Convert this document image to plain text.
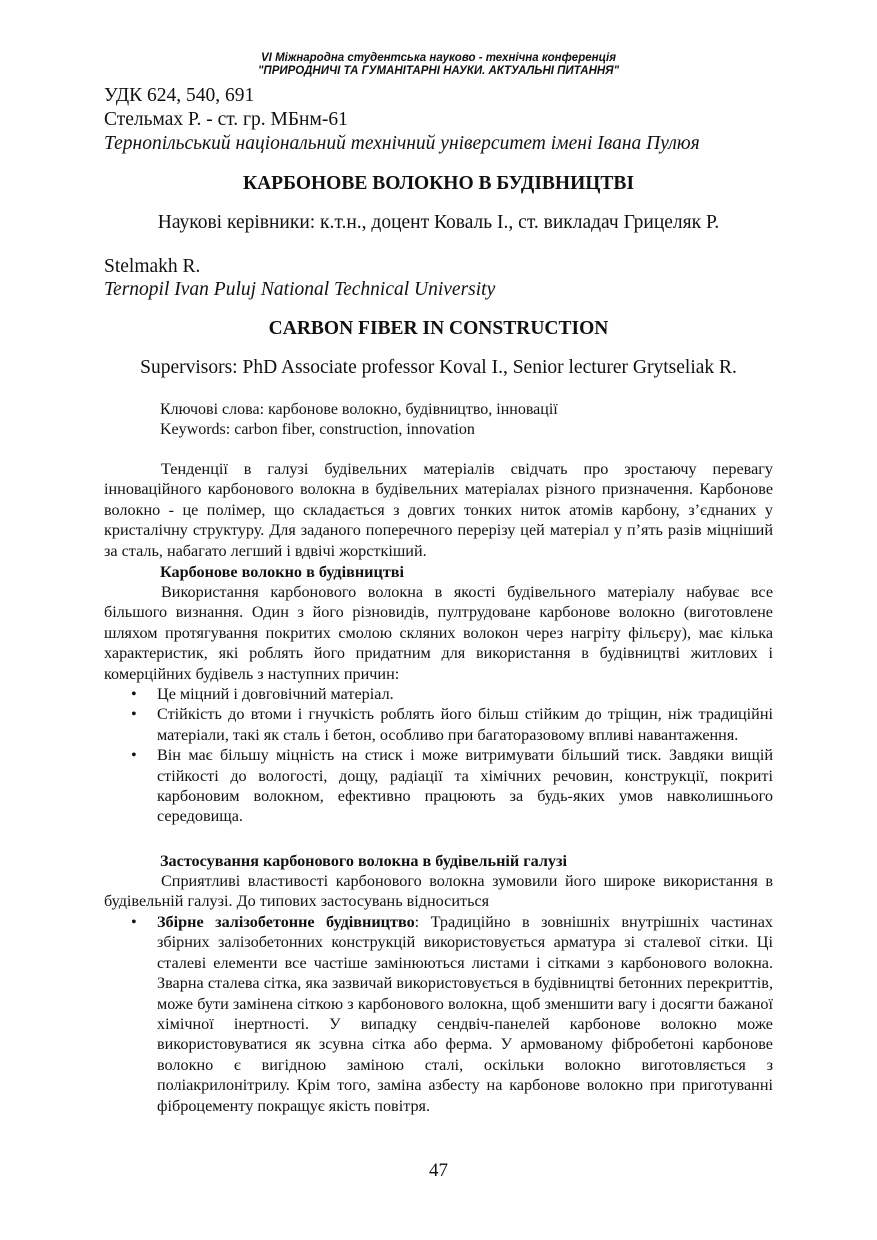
VI Міжнародна студентська науково - технічна конференція
"ПРИРОДНИЧІ ТА ГУМАНІТАРНІ НАУКИ. АКТУАЛЬНІ ПИТАННЯ"
УДК 624, 540, 691
Стельмах Р. - ст. гр. МБнм-61
Тернопільський національний технічний університет імені Івана Пулюя
КАРБОНОВЕ ВОЛОКНО В БУДІВНИЦТВІ
Наукові керівники: к.т.н., доцент Коваль І., ст. викладач Грицеляк Р.
Stelmakh R.
Ternopil Ivan Puluj National Technical University
CARBON FIBER IN CONSTRUCTION
Supervisors: PhD Associate professor Koval I., Senior lecturer Grytseliak R.
Ключові слова: карбонове волокно, будівництво, інновації
Keywords: carbon fiber, construction, innovation

Тенденції в галузі будівельних матеріалів свідчать про зростаючу перевагу інноваційного карбонового волокна в будівельних матеріалах різного призначення. Карбонове волокно - це полімер, що складається з довгих тонких ниток атомів карбону, з’єднаних у кристалічну структуру. Для заданого поперечного перерізу цей матеріал у п’ять разів міцніший за сталь, набагато легший і вдвічі жорсткіший.

Карбонове волокно в будівництві

Використання карбонового волокна в якості будівельного матеріалу набуває все більшого визнання. Один з його різновидів, пултрудоване карбонове волокно (виготовлене шляхом протягування покритих смолою скляних волокон через нагріту фільєру), має кілька характеристик, які роблять його придатним для використання в будівництві житлових і комерційних будівель з наступних причин:

• Це міцний і довговічний матеріал.
• Стійкість до втоми і гнучкість роблять його більш стійким до тріщин, ніж традиційні матеріали, такі як сталь і бетон, особливо при багаторазовому впливі навантаження.
• Він має більшу міцність на стиск і може витримувати більший тиск. Завдяки вищій стійкості до вологості, дощу, радіації та хімічних речовин, конструкції, покриті карбоновим волокном, ефективно працюють за будь-яких умов навколишнього середовища.
Застосування карбонового волокна в будівельній галузі

Сприятливі властивості карбонового волокна зумовили його широке використання в будівельній галузі. До типових застосувань відноситься

• Збірне залізобетонне будівництво: Традиційно в зовнішніх внутрішніх частинах збірних залізобетонних конструкцій використовується арматура зі сталевої сітки. Ці сталеві елементи все частіше замінюються листами і сітками з карбонового волокна. Зварна сталева сітка, яка зазвичай використовується в будівництві бетонних перекриттів, може бути замінена сіткою з карбонового волокна, щоб зменшити вагу і досягти бажаної хімічної інертності. У випадку сендвіч-панелей карбонове волокно може використовуватися як зсувна сітка або ферма. У армованому фібробетоні карбонове волокно є вигідною заміною сталі, оскільки волокно виготовляється з поліакрилонітрилу. Крім того, заміна азбесту на карбонове волокно при приготуванні фіброцементу покращує якість повітря.
47
